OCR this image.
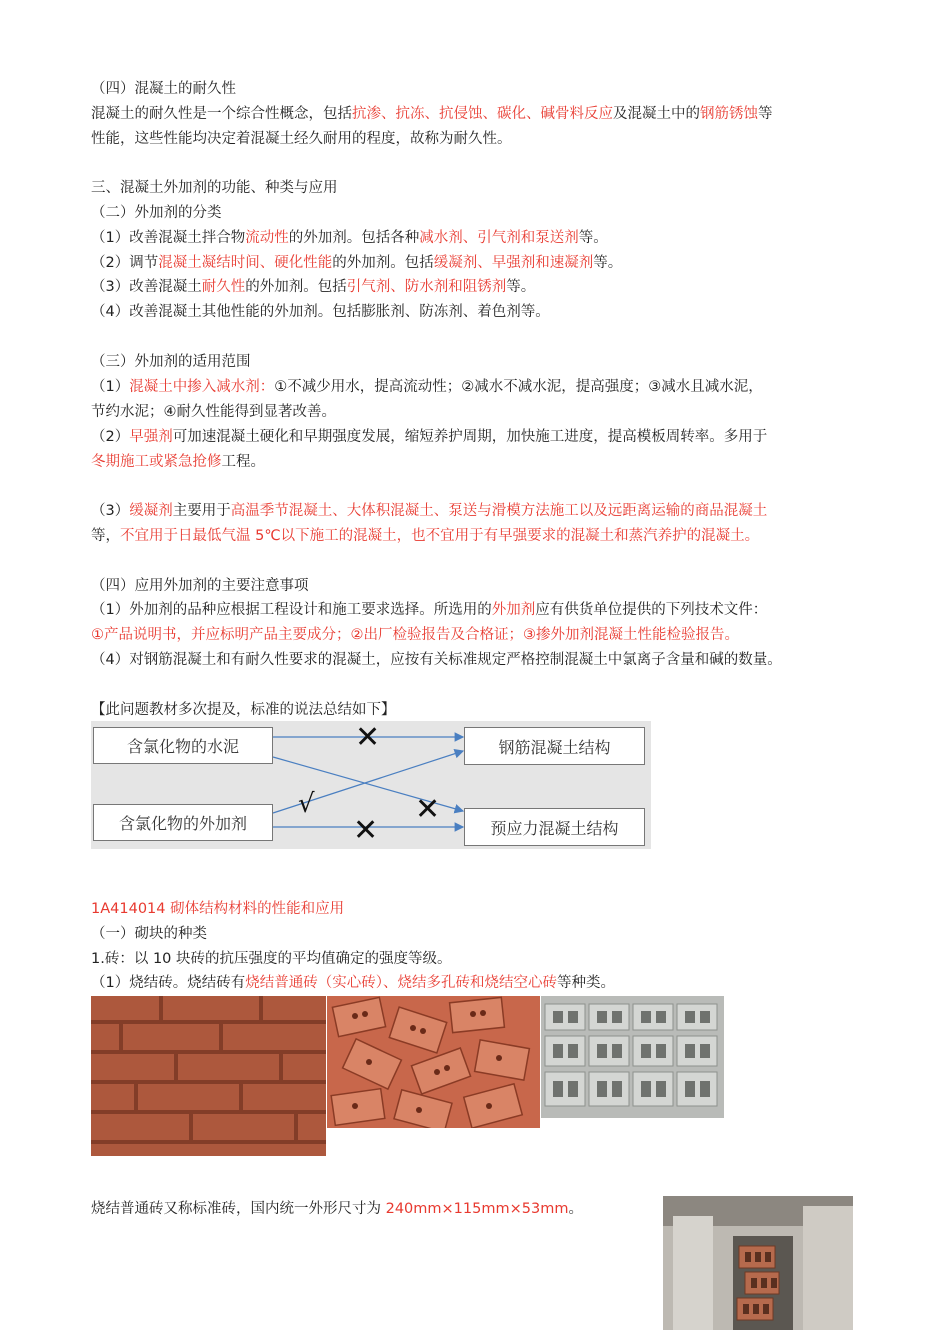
（四）混凝土的耐久性
混凝土的耐久性是一个综合性概念，包括抗渗、抗冻、抗侵蚀、碳化、碱骨料反应及混凝土中的钢筋锈蚀等
性能，这些性能均决定着混凝土经久耐用的程度，故称为耐久性。
三、混凝土外加剂的功能、种类与应用
（二）外加剂的分类
（1）改善混凝土拌合物流动性的外加剂。包括各种减水剂、引气剂和泵送剂等。
（2）调节混凝土凝结时间、硬化性能的外加剂。包括缓凝剂、早强剂和速凝剂等。
（3）改善混凝土耐久性的外加剂。包括引气剂、防水剂和阻锈剂等。
（4）改善混凝土其他性能的外加剂。包括膨胀剂、防冻剂、着色剂等。
（三）外加剂的适用范围
（1）混凝土中掺入减水剂：①不减少用水，提高流动性；②减水不减水泥，提高强度；③减水且减水泥，
节约水泥；④耐久性能得到显著改善。
（2）早强剂可加速混凝土硬化和早期强度发展，缩短养护周期，加快施工进度，提高模板周转率。多用于
冬期施工或紧急抢修工程。
（3）缓凝剂主要用于高温季节混凝土、大体积混凝土、泵送与滑模方法施工以及远距离运输的商品混凝土
等，不宜用于日最低气温 5℃以下施工的混凝土，也不宜用于有早强要求的混凝土和蒸汽养护的混凝土。
（四）应用外加剂的主要注意事项
（1）外加剂的品种应根据工程设计和施工要求选择。所选用的外加剂应有供货单位提供的下列技术文件：
①产品说明书，并应标明产品主要成分；②出厂检验报告及合格证；③掺外加剂混凝土性能检验报告。
（4）对钢筋混凝土和有耐久性要求的混凝土，应按有关标准规定严格控制混凝土中氯离子含量和碱的数量。
【此问题教材多次提及，标准的说法总结如下】
含氯化物的水泥
含氯化物的外加剂
钢筋混凝土结构
预应力混凝土结构
✕
✕
✕
√
1A414014 砌体结构材料的性能和应用
（一）砌块的种类
1.砖：以 10 块砖的抗压强度的平均值确定的强度等级。
（1）烧结砖。烧结砖有烧结普通砖（实心砖）、烧结多孔砖和烧结空心砖等种类。
烧结普通砖又称标准砖，国内统一外形尺寸为 240mm×115mm×53mm。
